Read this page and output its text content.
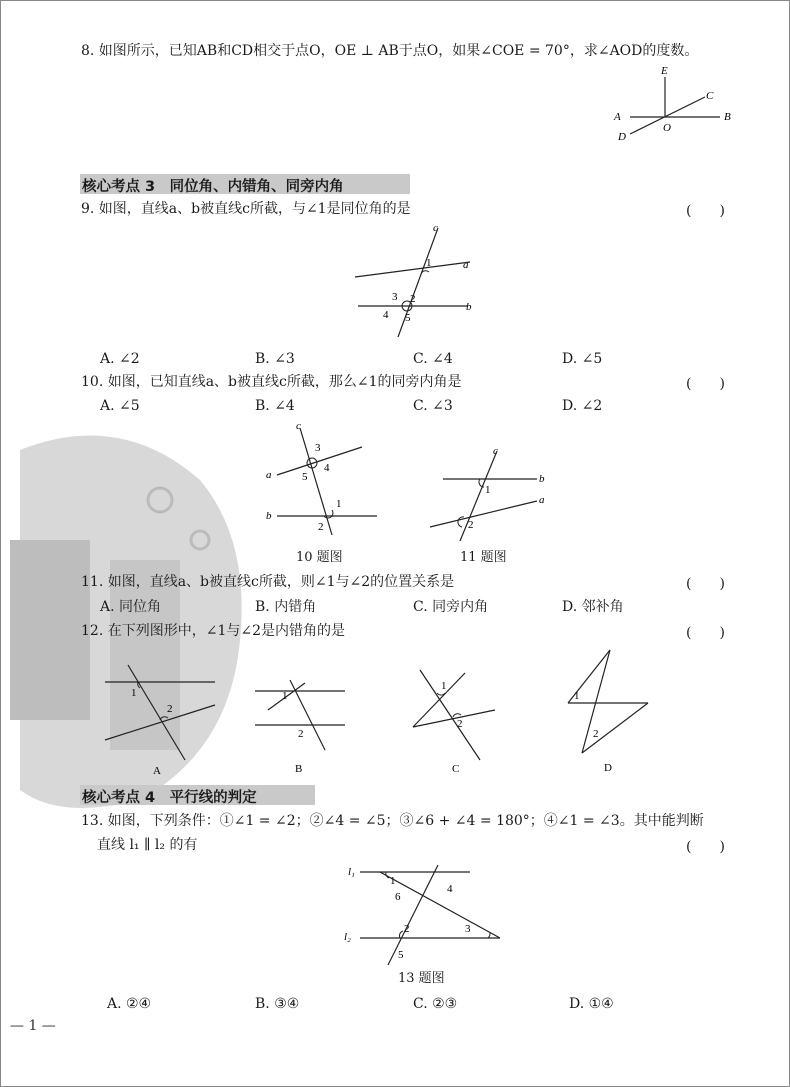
8. 如图所示，已知AB和CD相交于点O，OE ⊥ AB于点O，如果∠COE = 70°，求∠AOD的度数。
E
C
A
O
B
D
核心考点 3　同位角、内错角、同旁内角
9. 如图，直线a、b被直线c所截，与∠1是同位角的是	(　　)
c
a
b
1
2
3
4 5
A. ∠2	B. ∠3	C. ∠4	D. ∠5
10. 如图，已知直线a、b被直线c所截，那么∠1的同旁内角是	(　　)
A. ∠5	B. ∠4	C. ∠3	D. ∠2
c
a
b
3
4
5
1
2
10 题图
c
b
a
1
2
11 题图
11. 如图，直线a、b被直线c所截，则∠1与∠2的位置关系是	(　　)
A. 同位角	B. 内错角	C. 同旁内角	D. 邻补角
12. 在下列图形中，∠1与∠2是内错角的是	(　　)
1
2
A
1
2
B
1
2
C
1
2
D
核心考点 4　平行线的判定
13. 如图，下列条件：①∠1 = ∠2；②∠4 = ∠5；③∠6 + ∠4 = 180°；④∠1 = ∠3。其中能判断
直线 l₁ ∥ l₂ 的有	(　　)
l₁
l₂
1
4
6
2	3
5
13 题图
A. ②④	B. ③④	C. ②③	D. ①④
— 1 —
